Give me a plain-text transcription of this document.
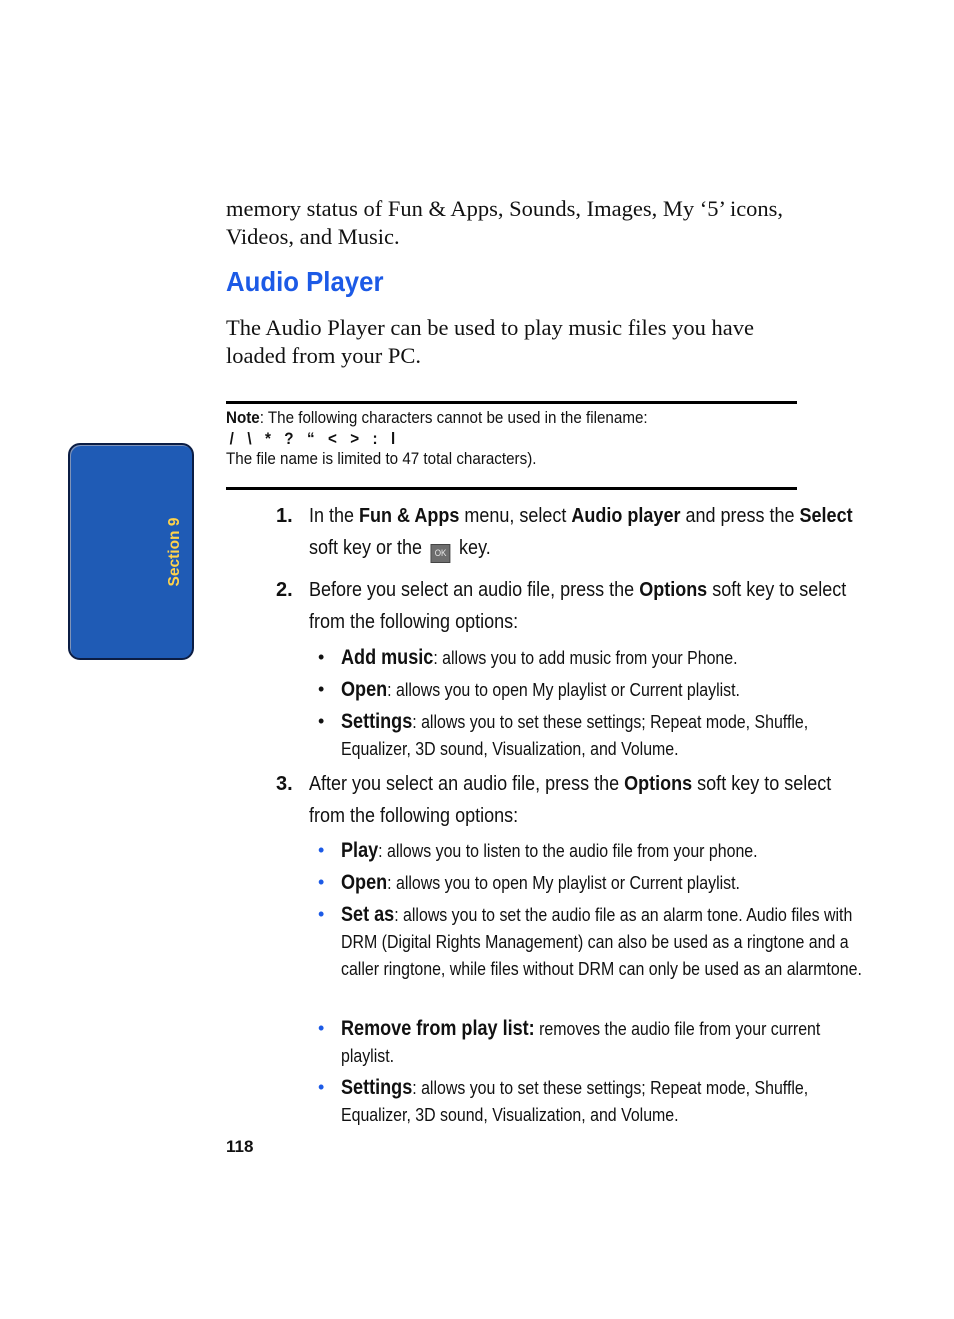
memory status of Fun & Apps, Sounds, Images, My ‘5’ icons, Videos, and Music.
Audio Player
The Audio Player can be used to play music files you have loaded from your PC.
Note: The following characters cannot be used in the filename:
/ \ * ? “ < > : l
The file name is limited to 47 total characters).
Section 9
1. In the Fun & Apps menu, select Audio player and press the Select soft key or the OK key.
2. Before you select an audio file, press the Options soft key to select from the following options:
• Add music: allows you to add music from your Phone.
• Open: allows you to open My playlist or Current playlist.
• Settings: allows you to set these settings; Repeat mode, Shuffle, Equalizer, 3D sound, Visualization, and Volume.
3. After you select an audio file, press the Options soft key to select from the following options:
• Play: allows you to listen to the audio file from your phone.
• Open: allows you to open My playlist or Current playlist.
• Set as: allows you to set the audio file as an alarm tone. Audio files with DRM (Digital Rights Management) can also be used as a ringtone and a caller ringtone, while files without DRM can only be used as an alarmtone.
• Remove from play list: removes the audio file from your current playlist.
• Settings: allows you to set these settings; Repeat mode, Shuffle, Equalizer, 3D sound, Visualization, and Volume.
118
